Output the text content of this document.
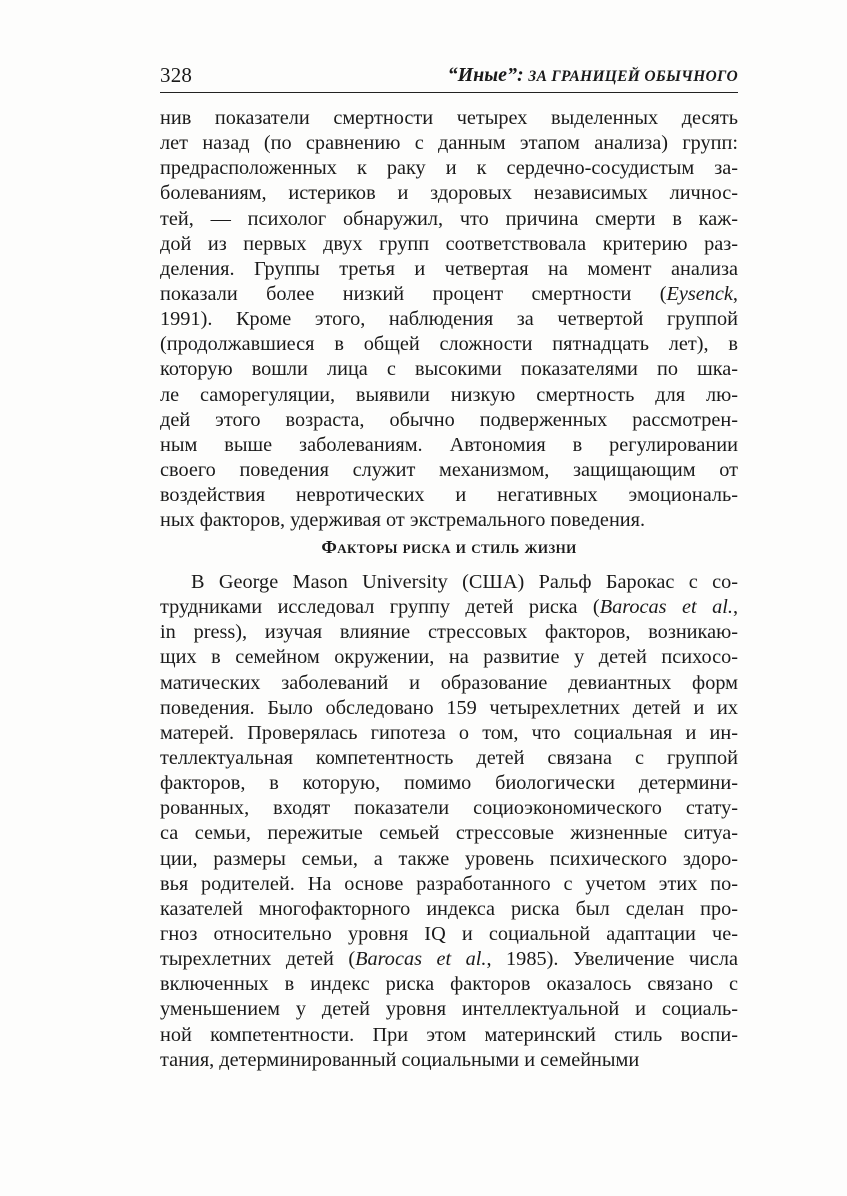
328	“Иные”: ЗА ГРАНИЦЕЙ ОБЫЧНОГО
нив показатели смертности четырех выделенных десять
лет назад (по сравнению с данным этапом анализа) групп:
предрасположенных к раку и к сердечно-сосудистым за-
болеваниям, истериков и здоровых независимых личнос-
тей, — психолог обнаружил, что причина смерти в каж-
дой из первых двух групп соответствовала критерию раз-
деления. Группы третья и четвертая на момент анализа
показали более низкий процент смертности (Eysenck,
1991). Кроме этого, наблюдения за четвертой группой
(продолжавшиеся в общей сложности пятнадцать лет), в
которую вошли лица с высокими показателями по шка-
ле саморегуляции, выявили низкую смертность для лю-
дей этого возраста, обычно подверженных рассмотрен-
ным выше заболеваниям. Автономия в регулировании
своего поведения служит механизмом, защищающим от
воздействия невротических и негативных эмоциональ-
ных факторов, удерживая от экстремального поведения.
Факторы риска и стиль жизни
В George Mason University (США) Ральф Барокас с со-
трудниками исследовал группу детей риска (Barocas et al.,
in press), изучая влияние стрессовых факторов, возникаю-
щих в семейном окружении, на развитие у детей психосо-
матических заболеваний и образование девиантных форм
поведения. Было обследовано 159 четырехлетних детей и их
матерей. Проверялась гипотеза о том, что социальная и ин-
теллектуальная компетентность детей связана с группой
факторов, в которую, помимо биологически детермини-
рованных, входят показатели социоэкономического стату-
са семьи, пережитые семьей стрессовые жизненные ситуа-
ции, размеры семьи, а также уровень психического здоро-
вья родителей. На основе разработанного с учетом этих по-
казателей многофакторного индекса риска был сделан про-
гноз относительно уровня IQ и социальной адаптации че-
тырехлетних детей (Barocas et al., 1985). Увеличение числа
включенных в индекс риска факторов оказалось связано с
уменьшением у детей уровня интеллектуальной и социаль-
ной компетентности. При этом материнский стиль воспи-
тания, детерминированный социальными и семейными
